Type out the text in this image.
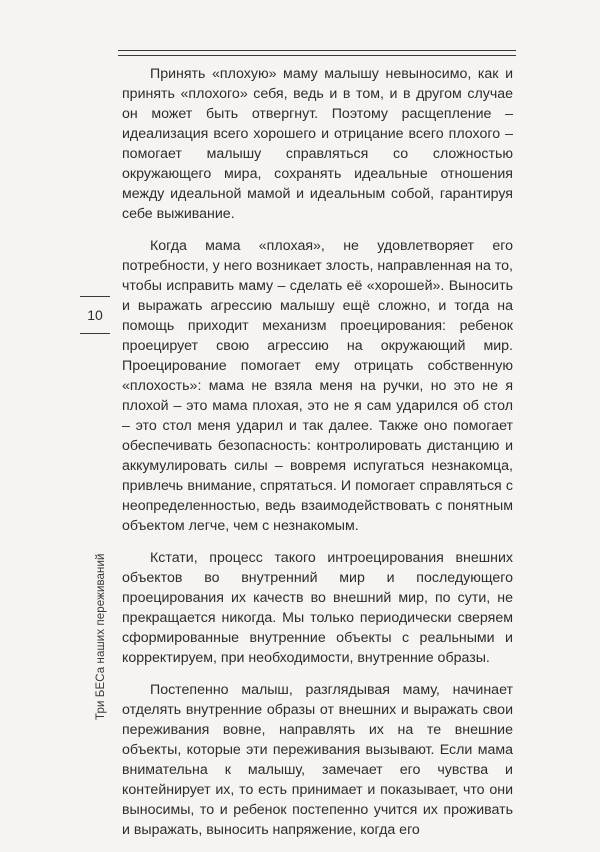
10
Три БЕСа наших переживаний

Принять «плохую» маму малышу невыносимо, как и принять «плохого» себя, ведь и в том, и в другом случае он может быть отвергнут. Поэтому расщепление – идеализация всего хорошего и отрицание всего плохого – помогает малышу справляться со сложностью окружающего мира, сохранять идеальные отношения между идеальной мамой и идеальным собой, гарантируя себе выживание.

Когда мама «плохая», не удовлетворяет его потребности, у него возникает злость, направленная на то, чтобы исправить маму – сделать её «хорошей». Выносить и выражать агрессию малышу ещё сложно, и тогда на помощь приходит механизм проецирования: ребенок проецирует свою агрессию на окружающий мир. Проецирование помогает ему отрицать собственную «плохость»: мама не взяла меня на ручки, но это не я плохой – это мама плохая, это не я сам ударился об стол – это стол меня ударил и так далее. Также оно помогает обеспечивать безопасность: контролировать дистанцию и аккумулировать силы – вовремя испугаться незнакомца, привлечь внимание, спрятаться. И помогает справляться с неопределенностью, ведь взаимодействовать с понятным объектом легче, чем с незнакомым.

Кстати, процесс такого интроецирования внешних объектов во внутренний мир и последующего проецирования их качеств во внешний мир, по сути, не прекращается никогда. Мы только периодически сверяем сформированные внутренние объекты с реальными и корректируем, при необходимости, внутренние образы.

Постепенно малыш, разглядывая маму, начинает отделять внутренние образы от внешних и выражать свои переживания вовне, направлять их на те внешние объекты, которые эти переживания вызывают. Если мама внимательна к малышу, замечает его чувства и контейнирует их, то есть принимает и показывает, что они выносимы, то и ребенок постепенно учится их проживать и выражать, выносить напряжение, когда его
